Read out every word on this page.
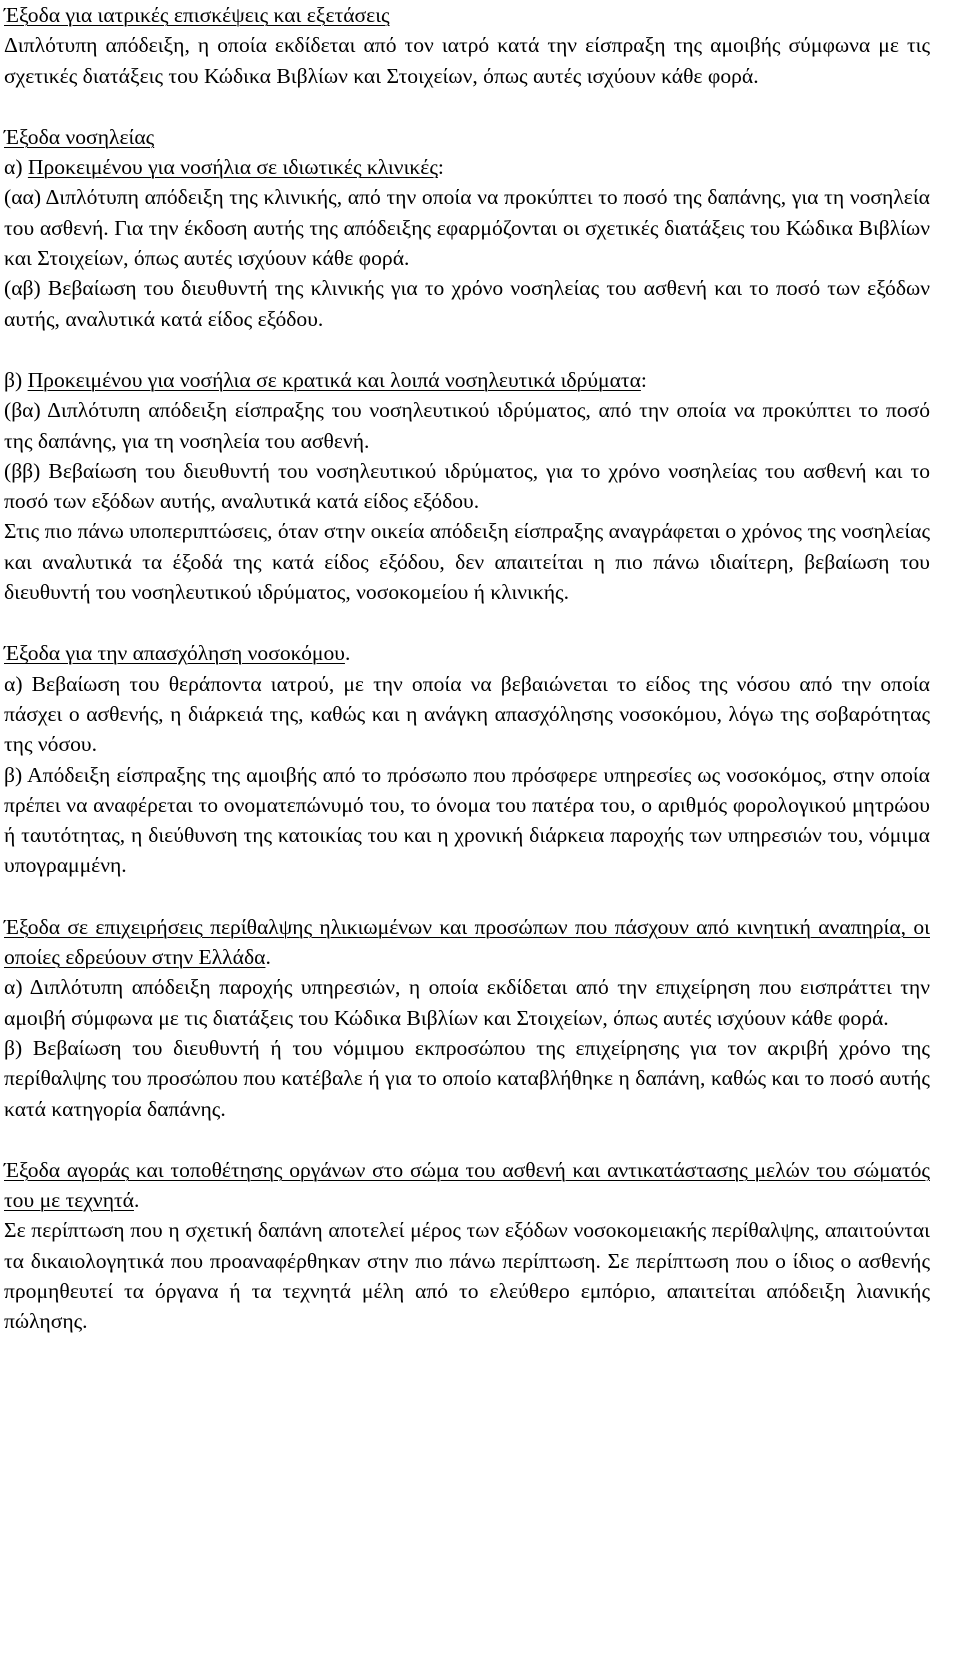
Έξοδα για ιατρικές επισκέψεις και εξετάσεις

Διπλότυπη απόδειξη, η οποία εκδίδεται από τον ιατρό κατά την είσπραξη της αμοιβής σύμφωνα με τις σχετικές διατάξεις του Κώδικα Βιβλίων και Στοιχείων, όπως αυτές ισχύουν κάθε φορά.

Έξοδα νοσηλείας

α) Προκειμένου για νοσήλια σε ιδιωτικές κλινικές:

(αα) Διπλότυπη απόδειξη της κλινικής, από την οποία να προκύπτει το ποσό της δαπάνης, για τη νοσηλεία του ασθενή. Για την έκδοση αυτής της απόδειξης εφαρμόζονται οι σχετικές διατάξεις του Κώδικα Βιβλίων και Στοιχείων, όπως αυτές ισχύουν κάθε φορά.

(αβ) Βεβαίωση του διευθυντή της κλινικής για το χρόνο νοσηλείας του ασθενή και το ποσό των εξόδων αυτής, αναλυτικά κατά είδος εξόδου.

β) Προκειμένου για νοσήλια σε κρατικά και λοιπά νοσηλευτικά ιδρύματα:

(βα) Διπλότυπη απόδειξη είσπραξης του νοσηλευτικού ιδρύματος, από την οποία να προκύπτει το ποσό της δαπάνης, για τη νοσηλεία του ασθενή.

(ββ) Βεβαίωση του διευθυντή του νοσηλευτικού ιδρύματος, για το χρόνο νοσηλείας του ασθενή και το ποσό των εξόδων αυτής, αναλυτικά κατά είδος εξόδου.

Στις πιο πάνω υποπεριπτώσεις, όταν στην οικεία απόδειξη είσπραξης αναγράφεται ο χρόνος της νοσηλείας και αναλυτικά τα έξοδά της κατά είδος εξόδου, δεν απαιτείται η πιο πάνω ιδιαίτερη, βεβαίωση του διευθυντή του νοσηλευτικού ιδρύματος, νοσοκομείου ή κλινικής.

Έξοδα για την απασχόληση νοσοκόμου.

α) Βεβαίωση του θεράποντα ιατρού, με την οποία να βεβαιώνεται το είδος της νόσου από την οποία πάσχει ο ασθενής, η διάρκειά της, καθώς και η ανάγκη απασχόλησης νοσοκόμου, λόγω της σοβαρότητας της νόσου.

β) Απόδειξη είσπραξης της αμοιβής από το πρόσωπο που πρόσφερε υπηρεσίες ως νοσοκόμος, στην οποία πρέπει να αναφέρεται το ονοματεπώνυμό του, το όνομα του πατέρα του, ο αριθμός φορολογικού μητρώου ή ταυτότητας, η διεύθυνση της κατοικίας του και η χρονική διάρκεια παροχής των υπηρεσιών του, νόμιμα υπογραμμένη.

Έξοδα σε επιχειρήσεις περίθαλψης ηλικιωμένων και προσώπων που πάσχουν από κινητική αναπηρία, οι οποίες εδρεύουν στην Ελλάδα.

α) Διπλότυπη απόδειξη παροχής υπηρεσιών, η οποία εκδίδεται από την επιχείρηση που εισπράττει την αμοιβή σύμφωνα με τις διατάξεις του Κώδικα Βιβλίων και Στοιχείων, όπως αυτές ισχύουν κάθε φορά.

β) Βεβαίωση του διευθυντή ή του νόμιμου εκπροσώπου της επιχείρησης για τον ακριβή χρόνο της περίθαλψης του προσώπου που κατέβαλε ή για το οποίο καταβλήθηκε η δαπάνη, καθώς και το ποσό αυτής κατά κατηγορία δαπάνης.

Έξοδα αγοράς και τοποθέτησης οργάνων στο σώμα του ασθενή και αντικατάστασης μελών του σώματός του με τεχνητά.

Σε περίπτωση που η σχετική δαπάνη αποτελεί μέρος των εξόδων νοσοκομειακής περίθαλψης, απαιτούνται τα δικαιολογητικά που προαναφέρθηκαν στην πιο πάνω περίπτωση. Σε περίπτωση που ο ίδιος ο ασθενής προμηθευτεί τα όργανα ή τα τεχνητά μέλη από το ελεύθερο εμπόριο, απαιτείται απόδειξη λιανικής πώλησης.
